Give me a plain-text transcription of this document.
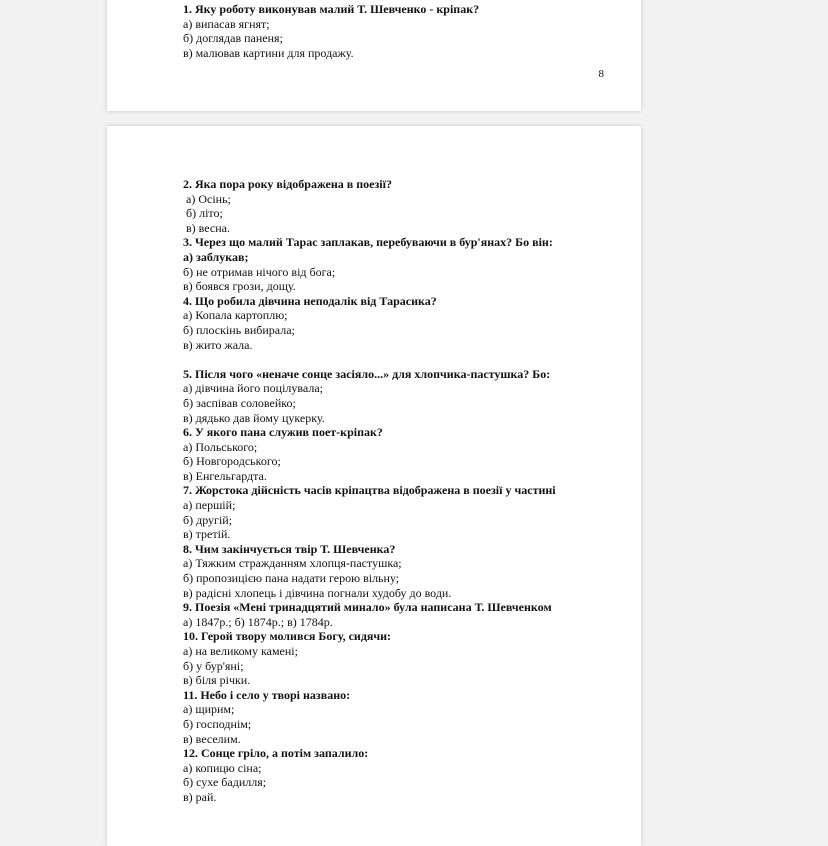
1. Яку роботу виконував малий Т. Шевченко - кріпак?
а) випасав ягнят;
б) доглядав паненя;
в) малював картини для продажу.
8
2. Яка пора року відображена в поезії?
а) Осінь;
б) літо;
в) весна.
3. Через що малий Тарас заплакав, перебуваючи в бур'янах? Бо він:
а) заблукав;
б) не отримав нічого від бога;
в) боявся грози, дощу.
4. Що робила дівчина неподалік від Тарасика?
а) Копала картоплю;
б) плоскінь вибирала;
в) жито жала.
5. Після чого «неначе сонце засіяло...» для хлопчика-пастушка? Бо:
а) дівчина його поцілувала;
б) заспівав соловейко;
в) дядько дав йому цукерку.
6. У якого пана служив поет-кріпак?
а) Польського;
б) Новгородського;
в) Енгельгардта.
7. Жорстока дійсність часів кріпацтва відображена в поезії у частині
а) першій;
б) другій;
в) третій.
8. Чим закінчується твір Т. Шевченка?
а) Тяжким стражданням хлопця-пастушка;
б) пропозицією пана надати герою вільну;
в) радісні хлопець і дівчина погнали худобу до води.
9. Поезія «Мені тринадцятий минало» була написана Т. Шевченком
а) 1847р.; б) 1874р.; в) 1784р.
10. Герой твору молився Богу, сидячи:
а) на великому камені;
б) у бур'яні;
в) біля річки.
11. Небо і село у творі названо:
а) щирим;
б) господнім;
в) веселим.
12. Сонце гріло, а потім запалило:
а) копицю сіна;
б) сухе бадилля;
в) рай.
